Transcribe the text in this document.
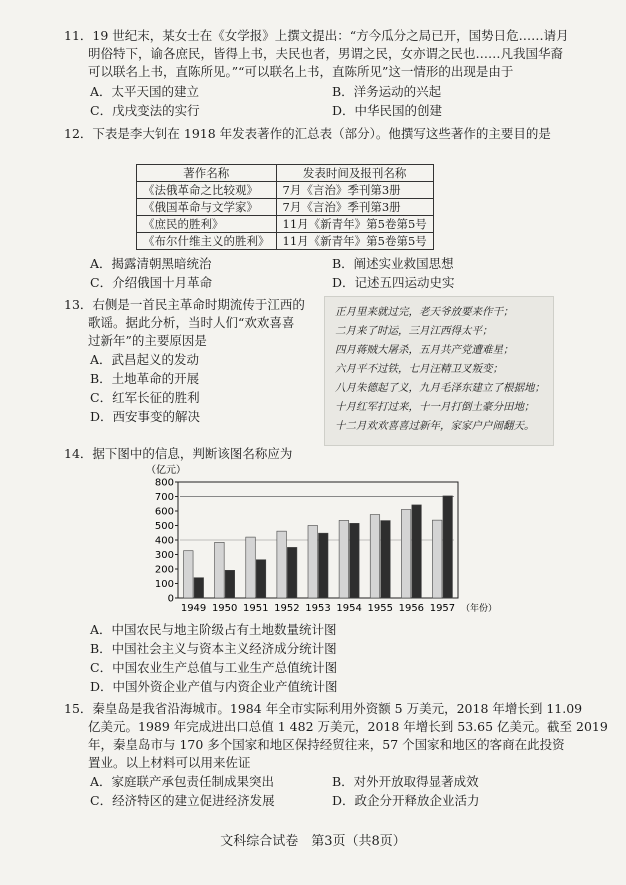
11．19 世纪末，某女士在《女学报》上撰文提出：“方今瓜分之局已开，国势日危……请月
明俗特下，谕各庶民，皆得上书，夫民也者，男谓之民，女亦谓之民也……凡我国华裔
可以联名上书，直陈所见。”“可以联名上书，直陈所见”这一情形的出现是由于
A．太平天国的建立	B．洋务运动的兴起
C．戊戌变法的实行	D．中华民国的创建
12．下表是李大钊在 1918 年发表著作的汇总表（部分）。他撰写这些著作的主要目的是
著作名称	发表时间及报刊名称
《法俄革命之比较观》	7月《言治》季刊第3册
《俄国革命与文学家》	7月《言治》季刊第3册
《庶民的胜利》	11月《新青年》第5卷第5号
《布尔什维主义的胜利》	11月《新青年》第5卷第5号
A．揭露清朝黑暗统治	B．阐述实业救国思想
C．介绍俄国十月革命	D．记述五四运动史实
13．右侧是一首民主革命时期流传于江西的
歌谣。据此分析，当时人们“欢欢喜喜
过新年”的主要原因是
A．武昌起义的发动
B．土地革命的开展
C．红军长征的胜利
D．西安事变的解决
正月里来就过完，老天爷放要来作干；
二月来了时运，三月江西得太平；
四月蒋贼大屠杀，五月共产党遭难星；
六月平不过铁，七月汪精卫叉叛变；
八月朱德起了义，九月毛泽东建立了根据地；
十月红军打过来，十一月打倒土豪分田地；
十二月欢欢喜喜过新年，家家户户闹翻天。
14．据下图中的信息，判断该图名称应为
（亿元）
0
100
200
300
400
500
600
700
800
1949 1950 1951 1952 1953 1954 1955 1956 1957 （年份）
A．中国农民与地主阶级占有土地数量统计图
B．中国社会主义与资本主义经济成分统计图
C．中国农业生产总值与工业生产总值统计图
D．中国外资企业产值与内资企业产值统计图
15．秦皇岛是我省沿海城市。1984 年全市实际利用外资额 5 万美元，2018 年增长到 11.09
亿美元。1989 年完成进出口总值 1 482 万美元，2018 年增长到 53.65 亿美元。截至 2019
年，秦皇岛市与 170 多个国家和地区保持经贸往来，57 个国家和地区的客商在此投资
置业。以上材料可以用来佐证
A．家庭联产承包责任制成果突出	B．对外开放取得显著成效
C．经济特区的建立促进经济发展	D．政企分开释放企业活力
文科综合试卷　第3页（共8页）
